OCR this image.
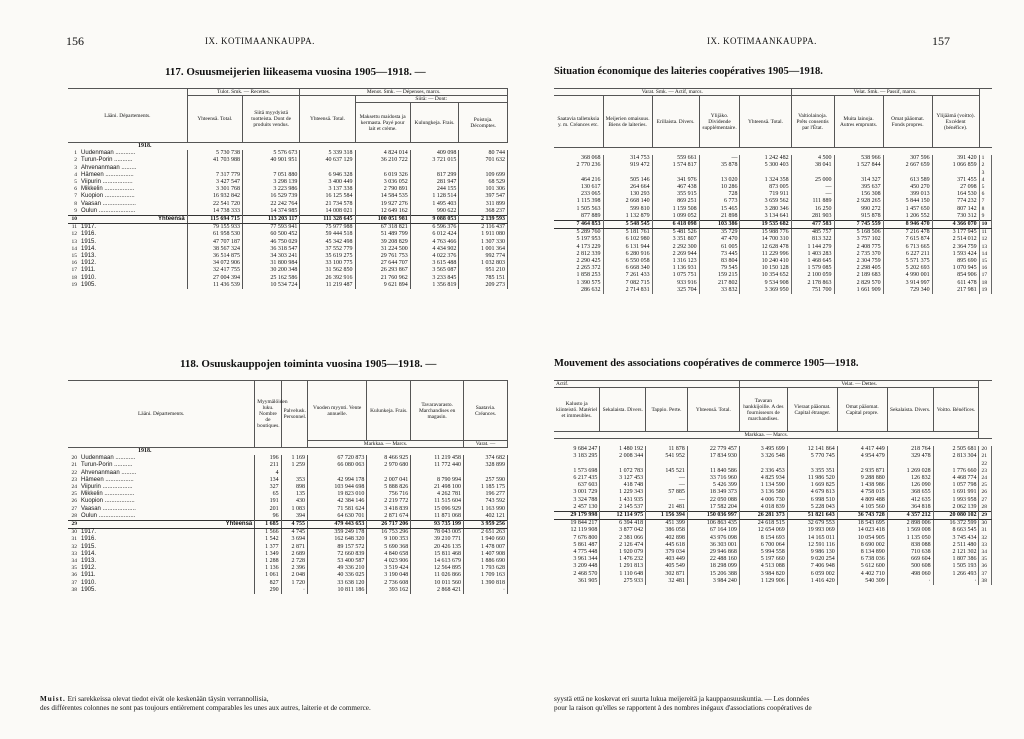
156	IX. KOTIMAANKAUPPA.
117. Osuusmeijerien liikeasema vuosina 1905—1918. —
Lääni. Départements.		Tulot. Smk. — Recettes.		Menot. Smk. — Dépenses, marcs.			
		Yhteensä. Total.	Siitä myydyistä tuotteista. Dont de produits vendus.	Yhteensä. Total.	Siitä: — Dont:		
					Maksettu maidosta ja kermasta. Payé pour lait et crème.	Kulungkeja. Frais.	Poistoja. Décomptes.
1918.							
1	Uudenmaan ............	5 730 738	5 576 673	5 339 318	4 824 014	409 098	80 744
2	Turun-Porin ...........	41 703 988	40 901 951	40 637 129	36 210 722	3 721 015	701 632
3	Ahvenanmaan .........						
4	Hämeen .................	7 317 779	7 051 880	6 946 328	6 019 326	817 299	109 699
5	Viipurin ..................	3 427 547	3 298 139	3 400 449	3 036 052	281 947	68 529
6	Mikkelin ..................	3 301 768	3 223 986	3 137 338	2 790 891	244 155	101 306
7	Kuopion ..................	16 932 842	16 529 739	16 125 584	14 584 535	1 128 514	397 547
8	Vaasan ....................	22 541 720	22 242 764	21 734 578	19 927 276	1 495 403	311 899
9	Oulun ......................	14 738 333	14 374 985	14 008 021	12 649 162	990 622	368 237
10	Yhteensä	115 694 715	113 203 117	111 328 645	100 051 981	9 088 053	2 139 593
11	1917.	79 155 933	77 593 941	75 977 988	67 318 821	6 596 376	2 116 437
12	1916.	61 958 530	60 500 452	59 444 518	51 489 799	6 012 424	1 911 080
13	1915.	47 707 187	46 750 029	45 342 498	39 208 829	4 763 466	1 307 330
14	1914.	38 567 324	36 318 547	37 552 779	31 224 500	4 434 902	1 001 364
15	1913.	36 514 875	34 303 241	35 619 275	29 761 753	4 022 376	992 774
16	1912.	34 072 906	31 800 984	33 100 775	27 644 707	3 615 488	1 032 803
17	1911.	32 417 755	30 200 348	31 562 850	26 293 867	3 565 087	951 210
18	1910.	27 004 394	25 162 586	26 392 916	21 760 962	3 233 845	785 151
19	1905.	11 436 539	10 534 724	11 219 487	9 621 894	1 356 819	209 273
118. Osuuskauppojen toiminta vuosina 1905—1918. —
Lääni. Départements.		Myymälöiden luku. Nombre de boutiques.	Palvelusk. Personnel.	Vuoden myynti. Vente annuelle.	Kulunkeja. Frais.	Tavaravarasto. Marchandises en magasin.	Saatavia. Créances.
				Markkaa. — Marcs.			Varat. —
1918.							
20	Uudenmaan ............	196	1 169	67 720 873	8 466 925	11 219 458	374 682
21	Turun-Porin ...........	211	1 259	66 080 063	2 970 680	11 772 440	328 899
22	Ahvenanmaan .........	4					
23	Hämeen .................	134	353	42 994 178	2 007 041	8 790 994	257 590
24	Viipurin ..................	327	898	103 944 698	5 888 826	21 498 100	1 185 175
25	Mikkelin ..................	65	135	19 823 010	756 716	4 262 781	196 277
26	Kuopion ..................	191	430	42 384 146	2 219 772	11 515 604	743 592
27	Vaasan ....................	201	1 083	71 581 624	3 418 839	15 096 929	1 163 990
28	Oulun ......................	96	394	64 630 701	2 871 674	11 871 068	402 121
29	Yhteensä	1 685	4 755	479 443 653	26 717 206	93 735 199	3 959 256
30	1917.	1 566	4 745	359 249 178	16 753 296	78 043 005	2 651 263
31	1916.	1 542	3 694	162 648 320	9 100 353	39 210 771	1 940 660
32	1915.	1 377	2 871	89 157 572	5 690 368	20 426 135	1 478 007
33	1914.	1 349	2 689	72 660 839	4 840 658	15 811 468	1 407 908
34	1913.	1 288	2 728	53 400 587	4 023 906	14 613 679	1 886 690
35	1912.	1 136	2 396	49 336 210	3 519 424	12 564 895	1 793 628
36	1911.	1 061	2 048	40 336 025	3 190 048	11 026 866	1 709 163
37	1910.	827	1 720	33 638 120	2 736 608	10 011 560	1 390 818
38	1905.	290	·	10 811 186	393 162	2 868 421	·
Muist. Eri sarekkeissa olevat tiedot eivät ole keskenään täysin verrannollisia,
des différentes colonnes ne sont pas toujours entièrement comparables les unes aux autres, laiterie et de commerce.
157
IX. KOTIMAANKAUPPA.
Situation économique des laiteries coopératives 1905—1918.
Varat. Smk. — Actif, marcs.					Velat. Smk. — Passif, marcs.				
Saatavia talletuksia y. m. Créances etc.	Meijerien omaisuus. Biens de laiteries.	Erillaista. Divers.	Ylijäko. Dividende supplémentaire.	Yhteensä. Total.	Valtiolainoja. Prêts consentis par l'État.	Muita lainoja. Autres emprunts.	Omat pääomat. Fonds propres.	Ylijäämä (voitto). Excédent (bénéfice).	

368 068	314 753	559 661	—	1 242 482	4 500	538 966	307 596	391 420	1
2 770 236	919 472	1 574 817	35 878	5 300 403	38 041	1 527 844	2 667 659	1 066 859	2
									3
464 216	505 146	341 976	13 020	1 324 358	25 000	314 327	613 589	371 455	4
130 617	264 664	467 438	10 286	873 005	—	395 637	450 270	27 098	5
233 065	130 293	355 915	728	719 911	—	156 308	399 013	164 530	6
1 115 398	2 668 140	869 251	6 773	3 659 562	111 889	2 928 265	5 844 150	774 232	7
1 505 563	599 810	1 159 508	15 465	3 280 346	16 250	990 272	1 457 650	807 142	8
877 889	1 132 879	1 099 052	21 898	3 134 641	281 903	915 878	1 206 552	730 312	9
7 464 853	5 548 545	6 418 098	103 386	19 535 682	477 583	7 745 559	8 946 470	4 366 070	10
5 289 760	5 181 761	5 481 526	35 729	15 988 776	485 757	5 168 506	7 216 478	3 177 945	11
5 197 953	6 102 980	3 351 807	47 470	14 700 310	813 322	3 757 102	7 615 874	2 514 012	12
4 173 229	6 131 944	2 292 300	61 005	12 628 478	1 144 279	2 408 775	6 713 665	2 364 759	13
2 812 339	6 280 916	2 269 944	73 445	11 229 996	1 403 283	2 735 370	6 227 211	1 593 424	14
2 290 425	6 550 058	1 316 123	83 804	10 240 410	1 468 645	2 304 759	5 571 375	895 690	15
2 265 372	6 668 340	1 136 931	79 545	10 150 128	1 579 085	2 298 405	5 202 693	1 070 945	16
1 858 253	7 261 433	1 075 751	159 215	10 354 652	2 100 059	2 189 683	4 990 001	854 906	17
1 390 575	7 082 715	933 916	217 802	9 534 908	2 178 863	2 829 570	3 914 997	611 478	18
286 632	2 714 831	325 704	33 832	3 369 950	751 700	1 661 909	729 340	217 981	19
Mouvement des associations coopératives de commerce 1905—1918.
Actif.				Velat. — Dettes.					
Kalusto ja kiinteistö. Matériel et immeubles.	Sekalaista. Divers.	Tappio. Perte.	Yhteensä. Total.	Tavaran hankkijoille. A des fournisseurs de marchandises.	Vieraat pääomat. Capital étranger.	Omat pääomat. Capital propre.	Sekalaista. Divers.	Voitto. Bénéfices.	
Markkaa. — Marcs.									

9 684 247	1 480 192	11 878	22 779 457	3 495 699	12 141 864	4 417 449	218 764	2 505 681	20
3 183 295	2 008 344	541 952	17 834 930	3 326 548	5 770 745	4 954 479	329 478	2 813 304	21
									22
1 573 698	1 072 783	145 521	11 840 586	2 336 453	3 355 351	2 935 871	1 269 028	1 776 660	23
6 217 435	3 127 453	—	33 716 960	4 825 934	11 986 520	9 288 880	126 832	4 468 774	24
637 603	418 748	—	5 426 399	1 134 590	1 669 825	1 438 986	126 090	1 057 798	25
3 001 729	1 229 343	57 885	18 349 373	3 136 580	4 679 813	4 758 015	368 655	1 691 991	26
3 324 788	1 431 935	—	22 050 088	4 006 730	6 998 510	4 809 488	412 635	1 993 958	27
2 457 130	2 145 537	21 481	17 582 204	4 018 839	5 228 043	4 105 560	364 818	2 062 139	28
29 179 998	12 114 975	1 156 394	150 036 997	26 281 373	51 821 643	36 743 728	4 357 212	20 080 102	29
19 844 217	6 394 418	451 399	106 863 435	24 618 515	32 679 553	18 543 695	2 898 006	16 372 599	30
12 119 908	3 877 042	386 058	67 164 109	12 654 069	19 993 069	14 023 418	1 569 008	8 663 545	31
7 676 800	2 381 066	402 898	43 976 098	8 154 693	14 165 011	10 054 905	1 135 050	3 745 434	32
5 861 487	2 126 474	445 618	36 303 001	6 700 064	12 591 116	8 690 002	838 088	2 511 480	33
4 775 448	1 920 079	379 034	29 946 868	5 994 558	9 986 130	8 134 890	710 638	2 121 302	34
3 961 344	1 476 232	403 449	22 488 160	5 197 660	9 020 254	6 738 036	669 604	1 807 386	35
3 209 448	1 291 813	405 549	18 298 099	4 513 088	7 406 948	5 612 600	500 608	1 505 193	36
2 468 570	1 110 648	302 871	15 206 388	3 984 820	6 059 002	4 402 710	498 060	1 266 493	37
361 905	275 933	32 481	3 984 240	1 129 906	1 416 420	540 309	·	·	38
syystä että ne koskevat eri suurta lukua meijereitä ja kauppaosuuskuntia. — Les données
pour la raison qu'elles se rapportent à des nombres inégaux d'associations coopératives de
